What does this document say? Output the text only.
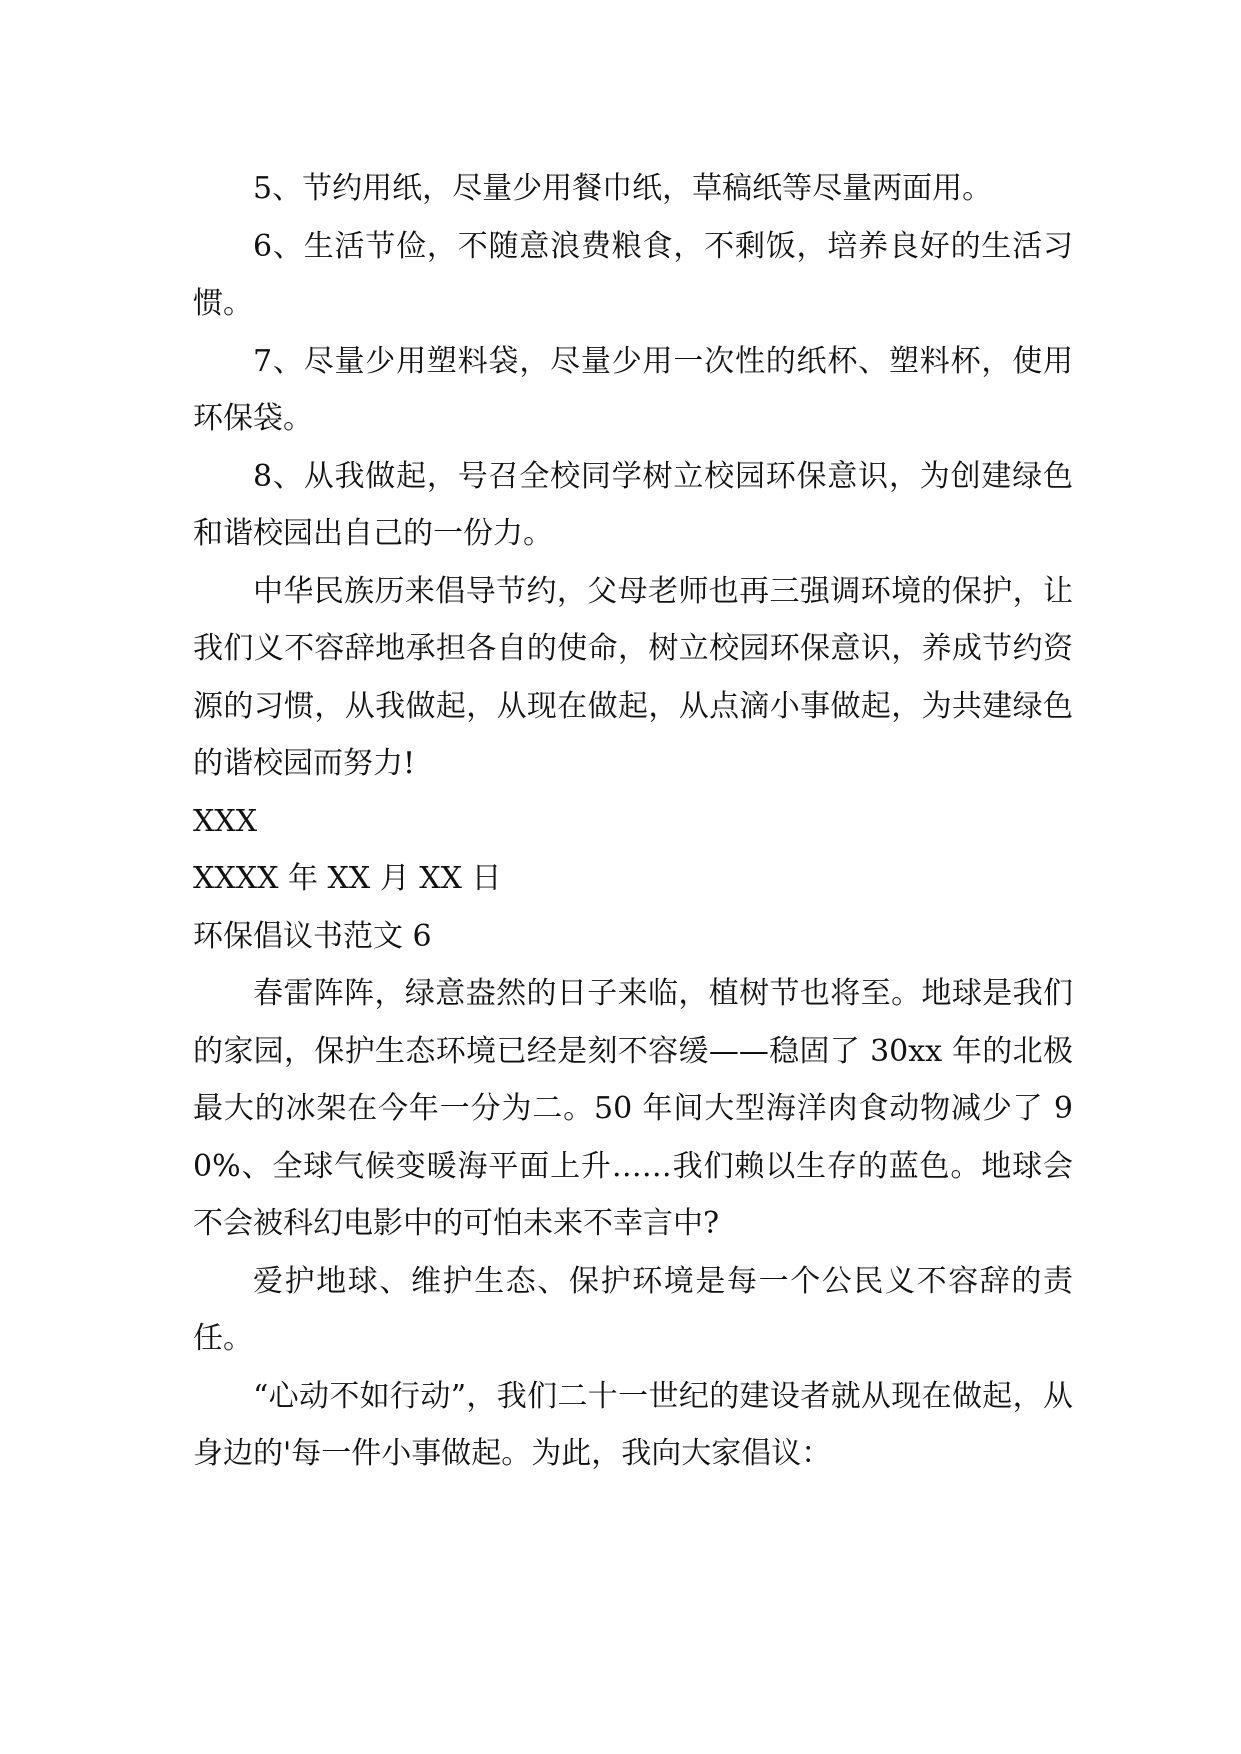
5、节约用纸，尽量少用餐巾纸，草稿纸等尽量两面用。

6、生活节俭，不随意浪费粮食，不剩饭，培养良好的生活习惯。

7、尽量少用塑料袋，尽量少用一次性的纸杯、塑料杯，使用环保袋。

8、从我做起，号召全校同学树立校园环保意识，为创建绿色和谐校园出自己的一份力。

中华民族历来倡导节约，父母老师也再三强调环境的保护，让我们义不容辞地承担各自的使命，树立校园环保意识，养成节约资源的习惯，从我做起，从现在做起，从点滴小事做起，为共建绿色的谐校园而努力!

XXX

XXXX 年 XX 月 XX 日

环保倡议书范文 6

春雷阵阵，绿意盎然的日子来临，植树节也将至。地球是我们的家园，保护生态环境已经是刻不容缓——稳固了 30xx 年的北极最大的冰架在今年一分为二。50 年间大型海洋肉食动物减少了 90%、全球气候变暖海平面上升……我们赖以生存的蓝色。地球会不会被科幻电影中的可怕未来不幸言中?

爱护地球、维护生态、保护环境是每一个公民义不容辞的责任。

“心动不如行动”，我们二十一世纪的建设者就从现在做起，从身边的'每一件小事做起。为此，我向大家倡议：
